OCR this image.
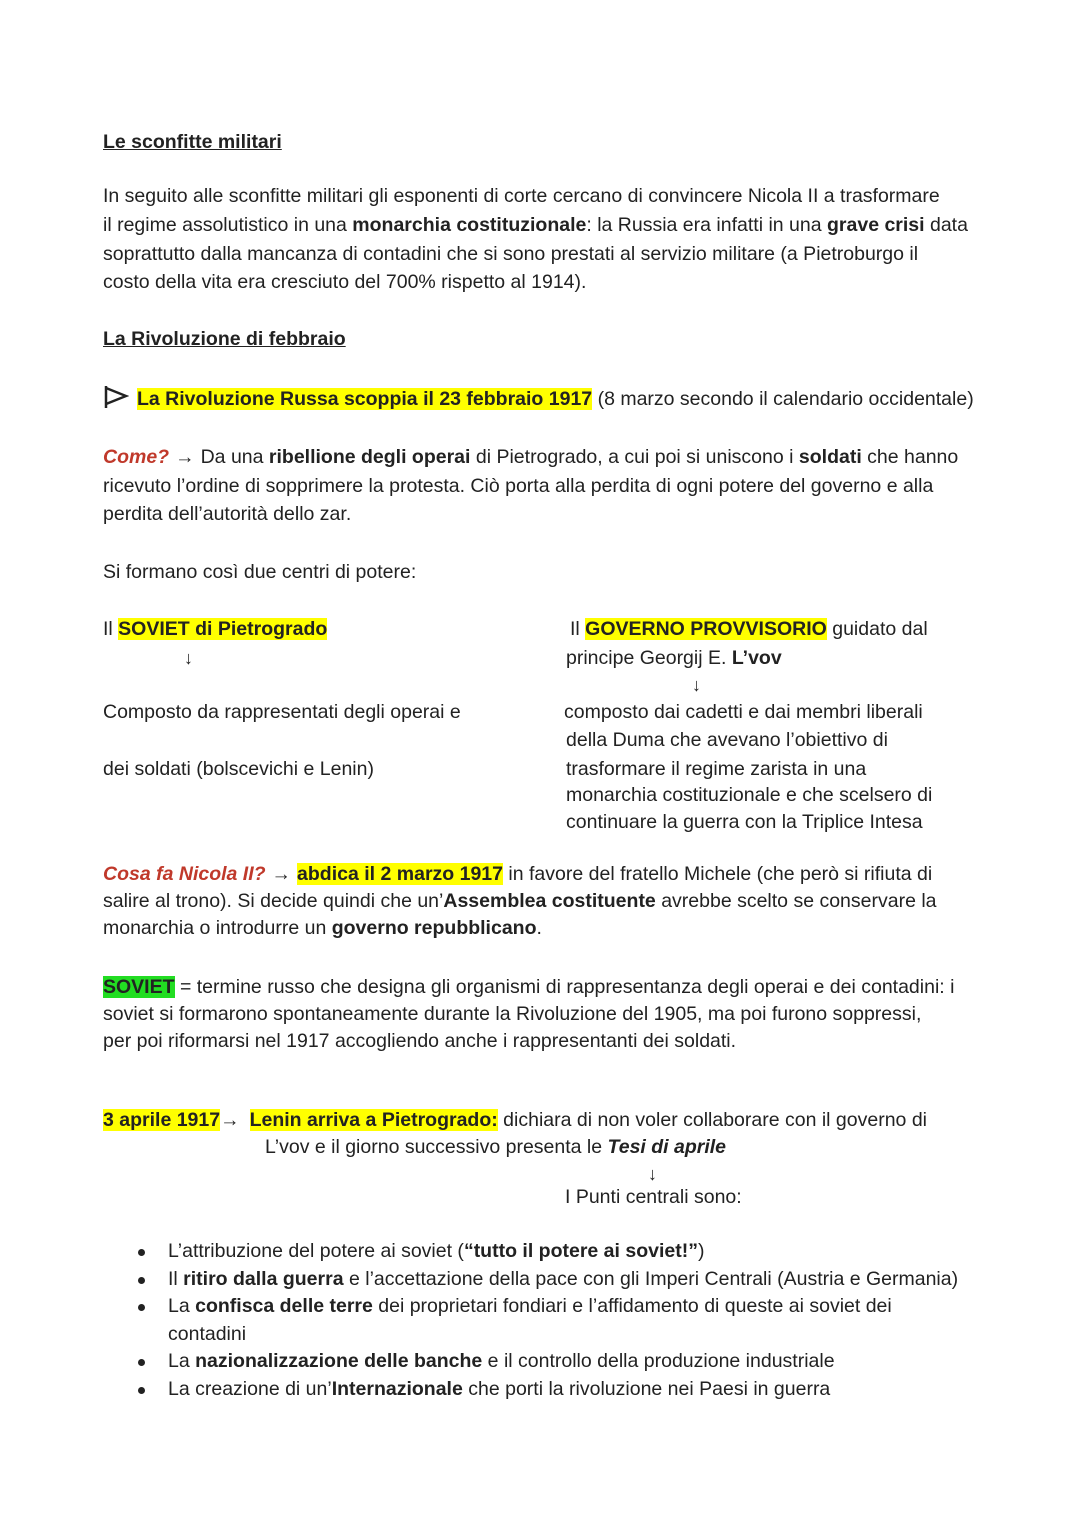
Le sconfitte militari
In seguito alle sconfitte militari gli esponenti di corte cercano di convincere Nicola II a trasformare
il regime assolutistico in una monarchia costituzionale: la Russia era infatti in una grave crisi data
soprattutto dalla mancanza di contadini che si sono prestati al servizio militare (a Pietroburgo il
costo della vita era cresciuto del 700% rispetto al 1914).
La Rivoluzione di febbraio
La Rivoluzione Russa scoppia il 23 febbraio 1917 (8 marzo secondo il calendario occidentale)
Come? → Da una ribellione degli operai di Pietrogrado, a cui poi si uniscono i soldati che hanno
ricevuto l’ordine di sopprimere la protesta. Ciò porta alla perdita di ogni potere del governo e alla
perdita dell’autorità dello zar.
Si formano così due centri di potere:
Il SOVIET di Pietrogrado
↓
Composto da rappresentati degli operai e
dei soldati (bolscevichi e Lenin)
Il GOVERNO PROVVISORIO guidato dal
principe Georgij E. L’vov
↓
composto dai cadetti e dai membri liberali
della Duma che avevano l’obiettivo di
trasformare il regime zarista in una
monarchia costituzionale e che scelsero di
continuare la guerra con la Triplice Intesa
Cosa fa Nicola II? → abdica il 2 marzo 1917 in favore del fratello Michele (che però si rifiuta di
salire al trono). Si decide quindi che un’Assemblea costituente avrebbe scelto se conservare la
monarchia o introdurre un governo repubblicano.
SOVIET = termine russo che designa gli organismi di rappresentanza degli operai e dei contadini: i
soviet si formarono spontaneamente durante la Rivoluzione del 1905, ma poi furono soppressi,
per poi riformarsi nel 1917 accogliendo anche i rappresentanti dei soldati.
3 aprile 1917→ Lenin arriva a Pietrogrado: dichiara di non voler collaborare con il governo di
L’vov e il giorno successivo presenta le Tesi di aprile
↓
I Punti centrali sono:
L’attribuzione del potere ai soviet (“tutto il potere ai soviet!”)
Il ritiro dalla guerra e l’accettazione della pace con gli Imperi Centrali (Austria e Germania)
La confisca delle terre dei proprietari fondiari e l’affidamento di queste ai soviet dei contadini
La nazionalizzazione delle banche e il controllo della produzione industriale
La creazione di un’Internazionale che porti la rivoluzione nei Paesi in guerra
